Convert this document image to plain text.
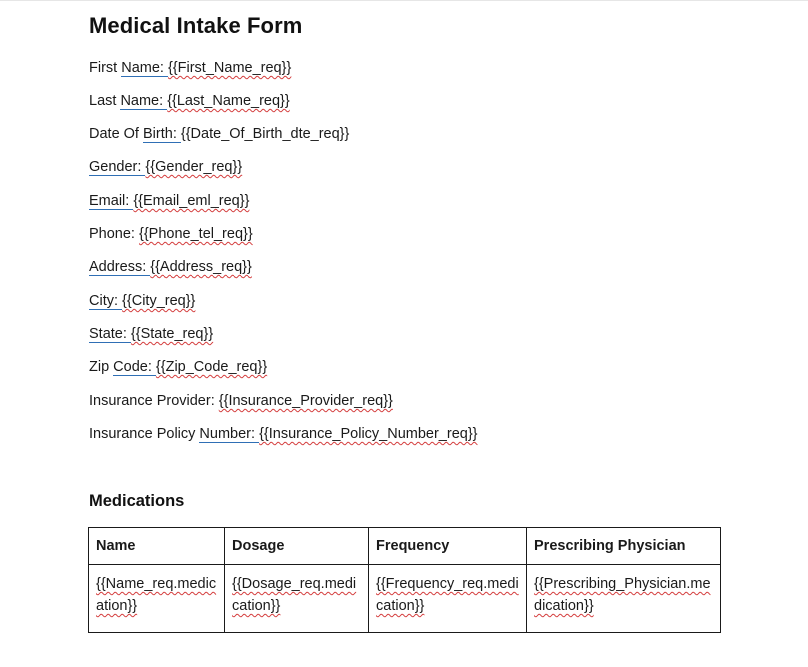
Medical Intake Form
First Name: {{First_Name_req}}
Last Name: {{Last_Name_req}}
Date Of Birth: {{Date_Of_Birth_dte_req}}
Gender: {{Gender_req}}
Email: {{Email_eml_req}}
Phone: {{Phone_tel_req}}
Address: {{Address_req}}
City: {{City_req}}
State: {{State_req}}
Zip Code: {{Zip_Code_req}}
Insurance Provider: {{Insurance_Provider_req}}
Insurance Policy Number: {{Insurance_Policy_Number_req}}
Medications
Name	Dosage	Frequency	Prescribing Physician
{{Name_req.medication}}	{{Dosage_req.medication}}	{{Frequency_req.medication}}	{{Prescribing_Physician.medication}}
